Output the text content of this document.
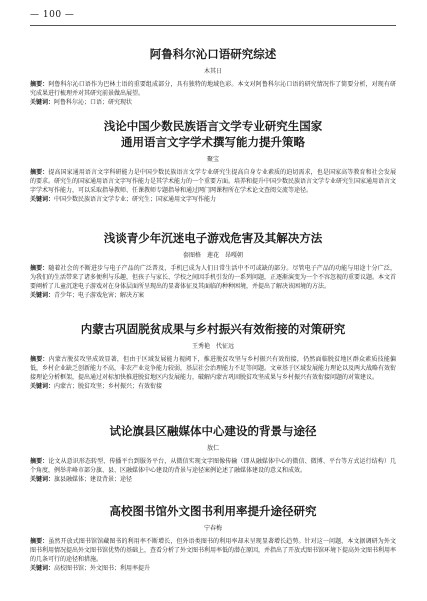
— 100 —

阿鲁科尔沁口语研究综述

木其日

摘要：阿鲁科尔沁口语作为巴林土语的重要组成部分，具有独特的地域色彩。本文对阿鲁科尔沁口语的研究情况作了简要分析，对现有研究成果进行梳理并对其研究前景做出展望。

关键词：阿鲁科尔沁；口语；研究现状

浅论中国少数民族语言文学专业研究生国家

通用语言文字学术撰写能力提升策略

聚宝

摘要：提高国家通用语言文字科研能力是中国少数民族语言文学专业研究生提高自身专业素质的迫切需求，也是国家高等教育和社会发展的要求。研究生的国家通用语言文字写作能力是其学术能力的一个重要方面。培养和提升中国少数民族语言文学专业研究生国家通用语言文字学术写作能力，可以采取指导教师、任课教师专题指导和通过网门网课程所在学术论文查阅交流等途径。

关键词：中国少数民族语言文学专业；研究生；国家通用文字写作能力

浅谈青少年沉迷电子游戏危害及其解决方法

套图格　莲花　昂嘎朝

摘要：随着社会的不断进步与电子产品的广泛普及，手机已成为人们日常生活中不可或缺的部分。尽管电子产品的功能与用途十分广泛，为我们的生活带来了诸多便利与乐趣，但孩子与家长、学校之间因手机引发的一系列问题，正逐渐演变为一个不容忽视的重要议题。本文首要阐析了儿童沉迷电子游戏对在身体层面所呈现出的显著体征及其面临的种种困境，并提出了解决该困境的方法。

关键词：青少年；电子游戏危害；解决方案

内蒙古巩固脱贫成果与乡村振兴有效衔接的对策研究

王秀艳　代征远

摘要：内蒙古脱贫攻坚成效显著，但由于区域发展能力视阈下，推进脱贫攻坚与乡村振兴有效衔接，仍然面临脱贫地区群众素质技能偏低，乡村企业缺乏创新能力不高，非农产业竞争能力较弱，基层社会治理能力不足等问题。文章基于区域发展能力理论以及两大战略有效衔接理论分析框架，提出通过对标加快推进脱贫地区内发展能力，破解内蒙古巩固脱贫攻坚成果与乡村振兴有效衔接问题的对策建议。

关键词：内蒙古；脱贫攻坚；乡村振兴；有效衔接

试论旗县区融媒体中心建设的背景与途径

敖仁

摘要：论文从意识形态转型、传播平台到服务平台，从微信实现文字图像传输（即从融媒体中心的微信、微博、平台等方式运行结构）几个角度，例举赤峰市部分旗、县、区融媒体中心建设的背景与途径案例论述了融媒体建设的意义和成效。

关键词：旗县融媒体；建设背景；途径

高校图书馆外文图书利用率提升途径研究

宁春梅

摘要：虽然开放式图书馆馆藏图书的利用率不断增长，但外语类图书的利用率却未呈现显著增长趋势。针对这一问题，本文据调研为外文图书利用情况提出外文图书馆优势的基础上，查看分析了外文图书利用率低的潜在原因，并指出了开放式图书馆环境下提高外文图书利用率的几条可行的途径和措施。

关键词：高校图书馆；外文图书；利用率提升
